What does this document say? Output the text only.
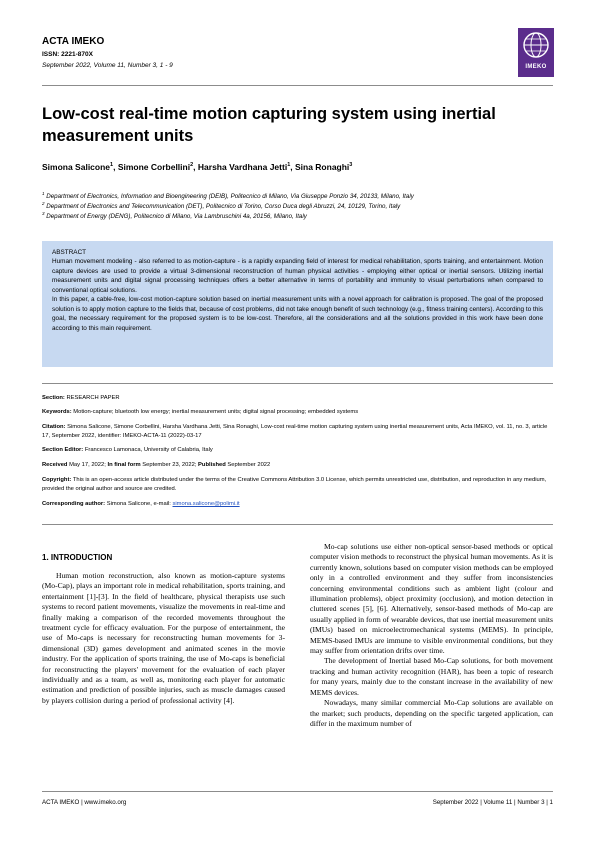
ACTA IMEKO
ISSN: 2221-870X
September 2022, Volume 11, Number 3, 1 - 9	IMEKO
Low-cost real-time motion capturing system using inertial measurement units
Simona Salicone$^1$, Simone Corbellini$^2$, Harsha Vardhana Jetti$^1$, Sina Ronaghi$^3$
$^1$ Department of Electronics, Information and Bioengineering (DEIB), Politecnico di Milano, Via Giuseppe Ponzio 34, 20133, Milano, Italy
$^2$ Department of Electronics and Telecommunication (DET), Politecnico di Torino, Corso Duca degli Abruzzi, 24, 10129, Torino, Italy
$^3$ Department of Energy (DENG), Politecnico di Milano, Via Lambruschini 4a, 20156, Milano, Italy
ABSTRACT

Human movement modeling - also referred to as motion-capture - is a rapidly expanding field of interest for medical rehabilitation, sports training, and entertainment. Motion capture devices are used to provide a virtual 3-dimensional reconstruction of human physical activities - employing either optical or inertial sensors. Utilizing inertial measurement units and digital signal processing techniques offers a better alternative in terms of portability and immunity to visual perturbations when compared to conventional optical solutions.

In this paper, a cable-free, low-cost motion-capture solution based on inertial measurement units with a novel approach for calibration is proposed. The goal of the proposed solution is to apply motion capture to the fields that, because of cost problems, did not take enough benefit of such technology (e.g., fitness training centers). According to this goal, the necessary requirement for the proposed system is to be low-cost. Therefore, all the considerations and all the solutions provided in this work have been done according to this main requirement.

Section: RESEARCH PAPER
Keywords: Motion-capture; bluetooth low energy; inertial measurement units; digital signal processing; embedded systems
Citation: Simona Salicone, Simone Corbellini, Harsha Vardhana Jetti, Sina Ronaghi, Low-cost real-time motion capturing system using inertial measurement units, Acta IMEKO, vol. 11, no. 3, article 17, September 2022, identifier: IMEKO-ACTA-11 (2022)-03-17
Section Editor: Francesco Lamonaca, University of Calabria, Italy
Received May 17, 2022; In final form September 23, 2022; Published September 2022
Copyright: This is an open-access article distributed under the terms of the Creative Commons Attribution 3.0 License, which permits unrestricted use, distribution, and reproduction in any medium, provided the original author and source are credited.
Corresponding author: Simona Salicone, e-mail: simona.salicone@polimi.it
1. INTRODUCTION

Human motion reconstruction, also known as motion-capture systems (Mo-Cap), plays an important role in medical rehabilitation, sports training, and entertainment [1]-[3]. In the field of healthcare, physical therapists use such systems to record patient movements, visualize the movements in real-time and finally making a comparison of the recorded movements throughout the treatment cycle for efficacy evaluation. For the purpose of entertainment, the use of Mo-caps is necessary for reconstructing human movements for 3-dimensional (3D) games development and animated scenes in the movie industry. For the application of sports training, the use of Mo-caps is beneficial for reconstructing the players' movement for the evaluation of each player individually and as a team, as well as, monitoring each player for automatic estimation and prediction of possible injuries, such as muscle damages caused by players collision during a period of professional activity [4].

Mo-cap solutions use either non-optical sensor-based methods or optical computer vision methods to reconstruct the physical human movements. As it is currently known, solutions based on computer vision methods can be employed only in a controlled environment and they suffer from inconsistencies concerning environmental conditions such as ambient light (colour and illumination problems), object proximity (occlusion), and motion detection in cluttered scenes [5], [6]. Alternatively, sensor-based methods of Mo-cap are usually applied in form of wearable devices, that use inertial measurement units (IMUs) based on microelectromechanical systems (MEMS). In principle, MEMS-based IMUs are immune to visible environmental conditions, but they may suffer from orientation drifts over time.

The development of Inertial based Mo-Cap solutions, for both movement tracking and human activity recognition (HAR), has been a topic of research for many years, mainly due to the constant increase in the availability of new MEMS devices.

Nowadays, many similar commercial Mo-Cap solutions are available on the market; such products, depending on the specific targeted application, can differ in the maximum number of

ACTA IMEKO | www.imeko.org	September 2022 | Volume 11 | Number 3 | 1
